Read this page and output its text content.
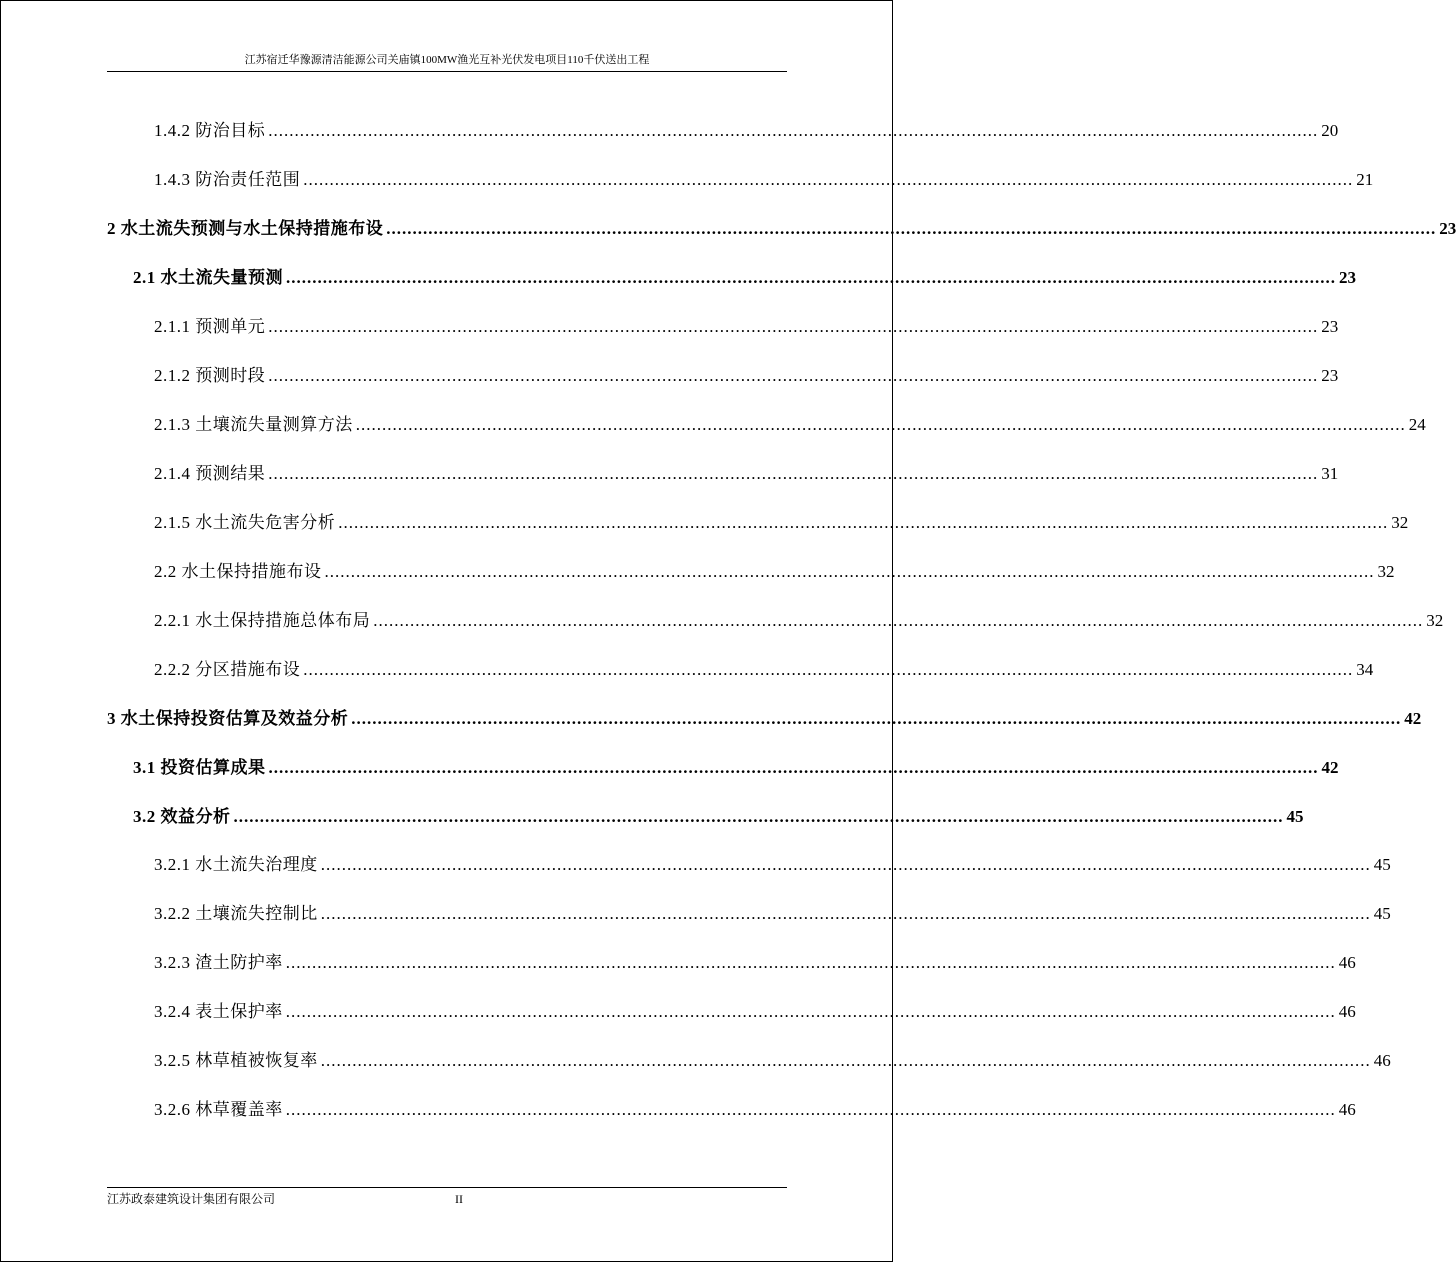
江苏宿迁华豫源清洁能源公司关庙镇100MW渔光互补光伏发电项目110千伏送出工程
1.4.2 防治目标 ........................................................................................................................................................................................................ 20
1.4.3 防治责任范围 ........................................................................................................................................................................................................ 21
2 水土流失预测与水土保持措施布设 ........................................................................................................................................................................................................ 23
2.1 水土流失量预测 ........................................................................................................................................................................................................ 23
2.1.1 预测单元 ........................................................................................................................................................................................................ 23
2.1.2 预测时段 ........................................................................................................................................................................................................ 23
2.1.3 土壤流失量测算方法 ........................................................................................................................................................................................................ 24
2.1.4 预测结果 ........................................................................................................................................................................................................ 31
2.1.5 水土流失危害分析 ........................................................................................................................................................................................................ 32
2.2 水土保持措施布设 ........................................................................................................................................................................................................ 32
2.2.1 水土保持措施总体布局 ........................................................................................................................................................................................................ 32
2.2.2 分区措施布设 ........................................................................................................................................................................................................ 34
3 水土保持投资估算及效益分析 ........................................................................................................................................................................................................ 42
3.1 投资估算成果 ........................................................................................................................................................................................................ 42
3.2 效益分析 ........................................................................................................................................................................................................ 45
3.2.1 水土流失治理度 ........................................................................................................................................................................................................ 45
3.2.2 土壤流失控制比 ........................................................................................................................................................................................................ 45
3.2.3 渣土防护率 ........................................................................................................................................................................................................ 46
3.2.4 表土保护率 ........................................................................................................................................................................................................ 46
3.2.5 林草植被恢复率 ........................................................................................................................................................................................................ 46
3.2.6 林草覆盖率 ........................................................................................................................................................................................................ 46
江苏政泰建筑设计集团有限公司	II
